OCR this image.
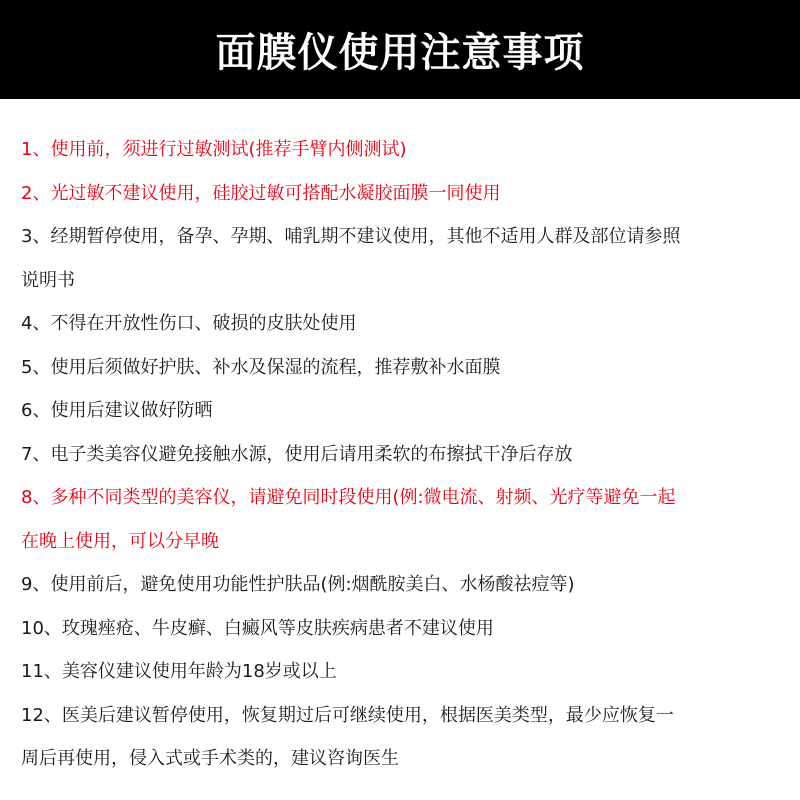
面膜仪使用注意事项
1、使用前，须进行过敏测试(推荐手臂内侧测试)
2、光过敏不建议使用，硅胶过敏可搭配水凝胶面膜一同使用
3、经期暂停使用，备孕、孕期、哺乳期不建议使用，其他不适用人群及部位请参照
说明书
4、不得在开放性伤口、破损的皮肤处使用
5、使用后须做好护肤、补水及保湿的流程，推荐敷补水面膜
6、使用后建议做好防晒
7、电子类美容仪避免接触水源，使用后请用柔软的布擦拭干净后存放
8、多种不同类型的美容仪，请避免同时段使用(例:微电流、射频、光疗等避免一起
在晚上使用，可以分早晚
9、使用前后，避免使用功能性护肤品(例:烟酰胺美白、水杨酸祛痘等)
10、玫瑰痤疮、牛皮癣、白癜风等皮肤疾病患者不建议使用
11、美容仪建议使用年龄为18岁或以上
12、医美后建议暂停使用，恢复期过后可继续使用，根据医美类型，最少应恢复一
周后再使用，侵入式或手术类的，建议咨询医生
